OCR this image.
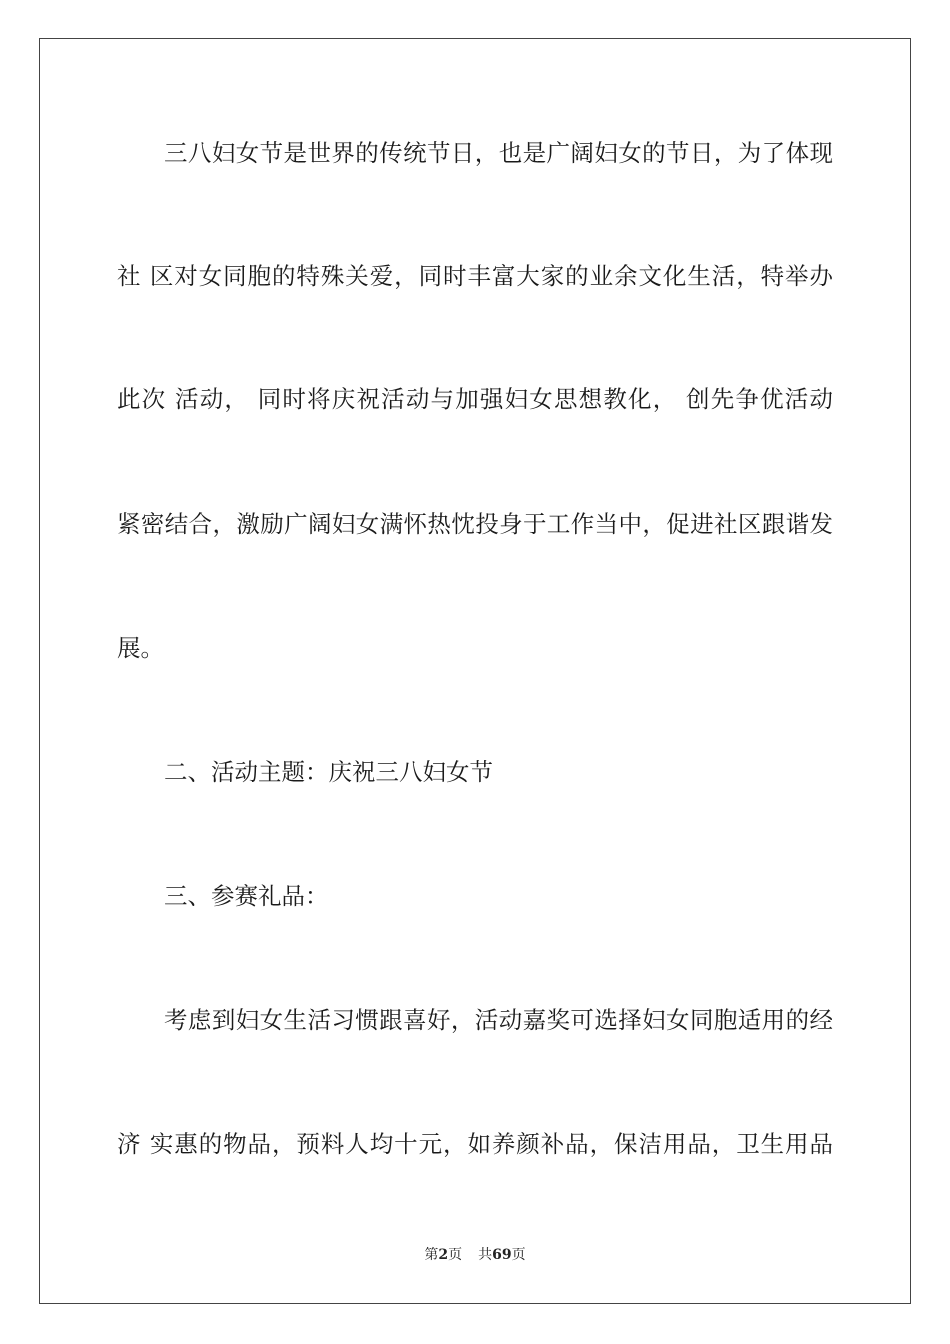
三八妇女节是世界的传统节日，也是广阔妇女的节日，为了体现
社 区对女同胞的特殊关爱，同时丰富大家的业余文化生活，特举办
此次 活动， 同时将庆祝活动与加强妇女思想教化， 创先争优活动
紧密结合，激励广阔妇女满怀热忱投身于工作当中，促进社区跟谐发
展。
二、活动主题：庆祝三八妇女节
三、参赛礼品：
考虑到妇女生活习惯跟喜好，活动嘉奖可选择妇女同胞适用的经
济 实惠的物品，预料人均十元，如养颜补品，保洁用品，卫生用品
第2页 共69页
